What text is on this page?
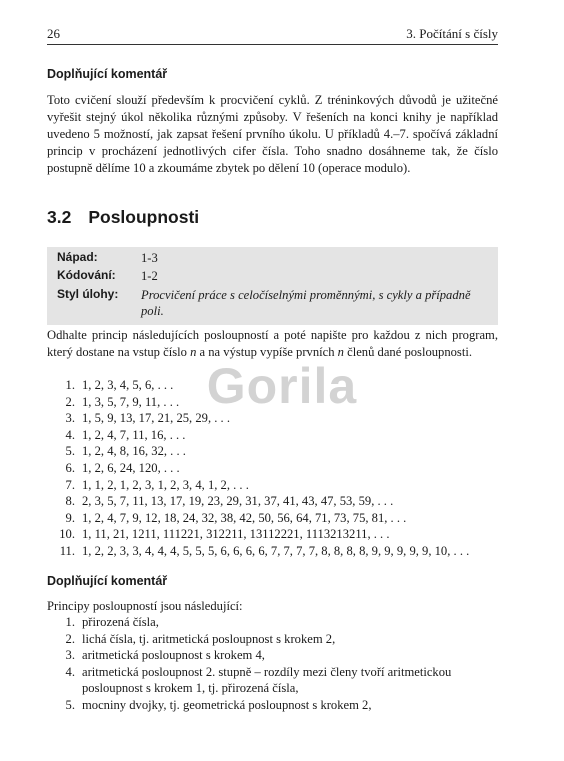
26	3. Počítání s čísly
Doplňující komentář
Toto cvičení slouží především k procvičení cyklů. Z tréninkových důvodů je užitečné vyřešit stejný úkol několika různými způsoby. V řešeních na konci knihy je například uvedeno 5 možností, jak zapsat řešení prvního úkolu. U příkladů 4.–7. spočívá základní princip v procházení jednotlivých cifer čísla. Toho snadno dosáhneme tak, že číslo postupně dělíme 10 a zkoumáme zbytek po dělení 10 (operace modulo).
3.2 Posloupnosti
Nápad:	1-3
Kódování:	1-2
Styl úlohy:	Procvičení práce s celočíselnými proměnnými, s cykly a případně poli.
Odhalte princip následujících posloupností a poté napište pro každou z nich program, který dostane na vstup číslo n a na výstup vypíše prvních n členů dané posloupnosti.
1. 1, 2, 3, 4, 5, 6, . . .
2. 1, 3, 5, 7, 9, 11, . . .
3. 1, 5, 9, 13, 17, 21, 25, 29, . . .
4. 1, 2, 4, 7, 11, 16, . . .
5. 1, 2, 4, 8, 16, 32, . . .
6. 1, 2, 6, 24, 120, . . .
7. 1, 1, 2, 1, 2, 3, 1, 2, 3, 4, 1, 2, . . .
8. 2, 3, 5, 7, 11, 13, 17, 19, 23, 29, 31, 37, 41, 43, 47, 53, 59, . . .
9. 1, 2, 4, 7, 9, 12, 18, 24, 32, 38, 42, 50, 56, 64, 71, 73, 75, 81, . . .
10. 1, 11, 21, 1211, 111221, 312211, 13112221, 1113213211, . . .
11. 1, 2, 2, 3, 3, 4, 4, 4, 5, 5, 5, 6, 6, 6, 6, 7, 7, 7, 7, 8, 8, 8, 8, 9, 9, 9, 9, 9, 10, . . .
Doplňující komentář
Principy posloupností jsou následující:
1. přirozená čísla,
2. lichá čísla, tj. aritmetická posloupnost s krokem 2,
3. aritmetická posloupnost s krokem 4,
4. aritmetická posloupnost 2. stupně – rozdíly mezi členy tvoří aritmetickou posloupnost s krokem 1, tj. přirozená čísla,
5. mocniny dvojky, tj. geometrická posloupnost s krokem 2,
Gorila
